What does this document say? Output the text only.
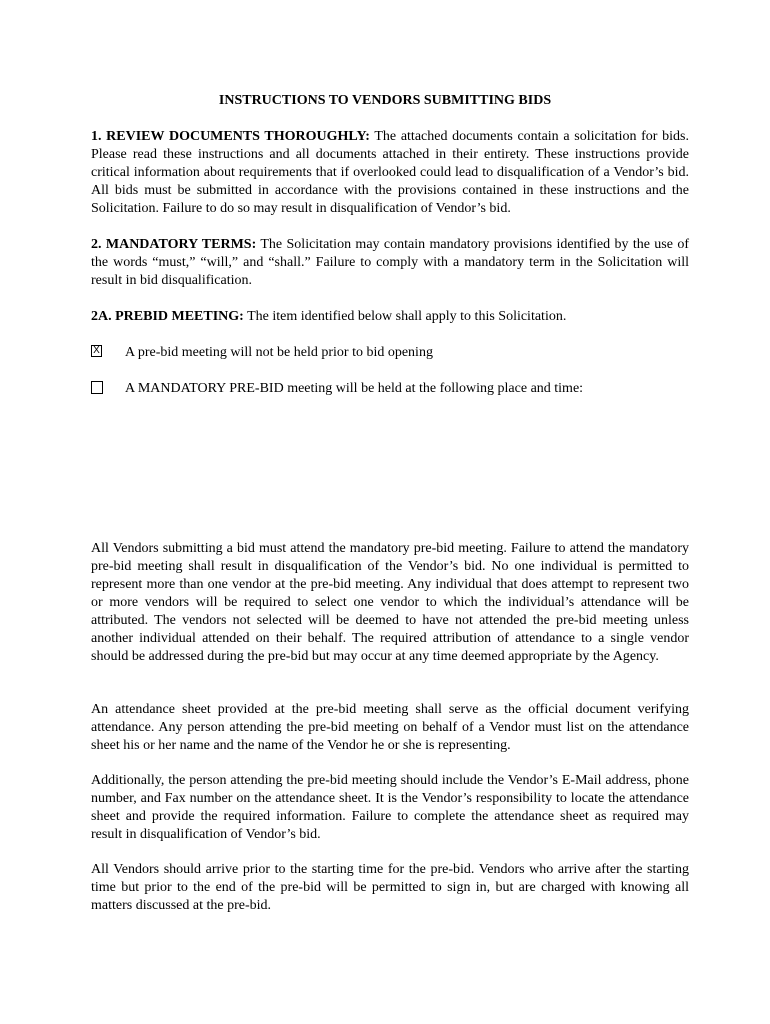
INSTRUCTIONS TO VENDORS SUBMITTING BIDS

1. REVIEW DOCUMENTS THOROUGHLY: The attached documents contain a solicitation for bids. Please read these instructions and all documents attached in their entirety. These instructions provide critical information about requirements that if overlooked could lead to disqualification of a Vendor’s bid. All bids must be submitted in accordance with the provisions contained in these instructions and the Solicitation. Failure to do so may result in disqualification of Vendor’s bid.

2. MANDATORY TERMS: The Solicitation may contain mandatory provisions identified by the use of the words “must,” “will,” and “shall.” Failure to comply with a mandatory term in the Solicitation will result in bid disqualification.

2A. PREBID MEETING: The item identified below shall apply to this Solicitation.

X A pre-bid meeting will not be held prior to bid opening
A MANDATORY PRE-BID meeting will be held at the following place and time:

All Vendors submitting a bid must attend the mandatory pre-bid meeting. Failure to attend the mandatory pre-bid meeting shall result in disqualification of the Vendor’s bid. No one individual is permitted to represent more than one vendor at the pre-bid meeting. Any individual that does attempt to represent two or more vendors will be required to select one vendor to which the individual’s attendance will be attributed. The vendors not selected will be deemed to have not attended the pre-bid meeting unless another individual attended on their behalf. The required attribution of attendance to a single vendor should be addressed during the pre-bid but may occur at any time deemed appropriate by the Agency.

An attendance sheet provided at the pre-bid meeting shall serve as the official document verifying attendance. Any person attending the pre-bid meeting on behalf of a Vendor must list on the attendance sheet his or her name and the name of the Vendor he or she is representing.

Additionally, the person attending the pre-bid meeting should include the Vendor’s E-Mail address, phone number, and Fax number on the attendance sheet. It is the Vendor’s responsibility to locate the attendance sheet and provide the required information. Failure to complete the attendance sheet as required may result in disqualification of Vendor’s bid.

All Vendors should arrive prior to the starting time for the pre-bid. Vendors who arrive after the starting time but prior to the end of the pre-bid will be permitted to sign in, but are charged with knowing all matters discussed at the pre-bid.
